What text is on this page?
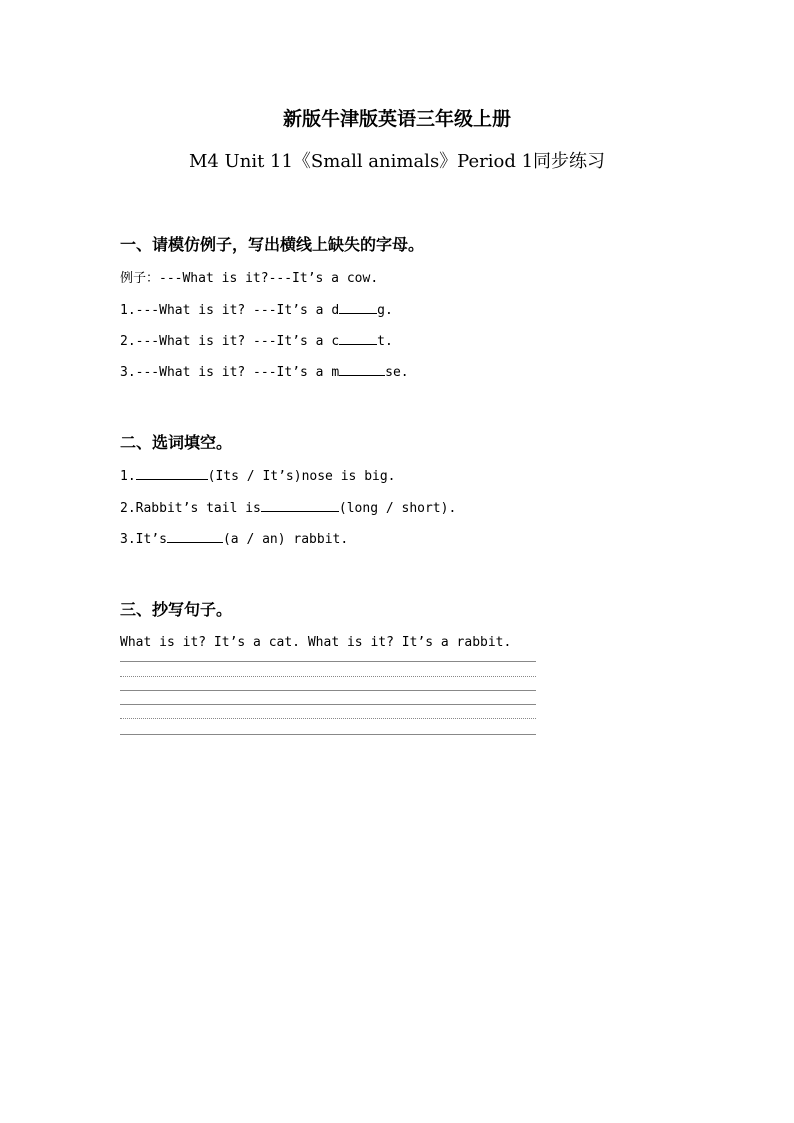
新版牛津版英语三年级上册
M4 Unit 11《Small animals》Period 1同步练习
一、请模仿例子，写出横线上缺失的字母。
例子：---What is it?---It’s a cow.
1.---What is it? ---It’s a d	g.
2.---What is it? ---It’s a c	t.
3.---What is it? ---It’s a m	se.
二、选词填空。
1.	(Its / It’s)nose is big.
2.Rabbit’s tail is	(long / short).
3.It’s	(a / an) rabbit.
三、抄写句子。
What is it? It’s a cat. What is it? It’s a rabbit.
